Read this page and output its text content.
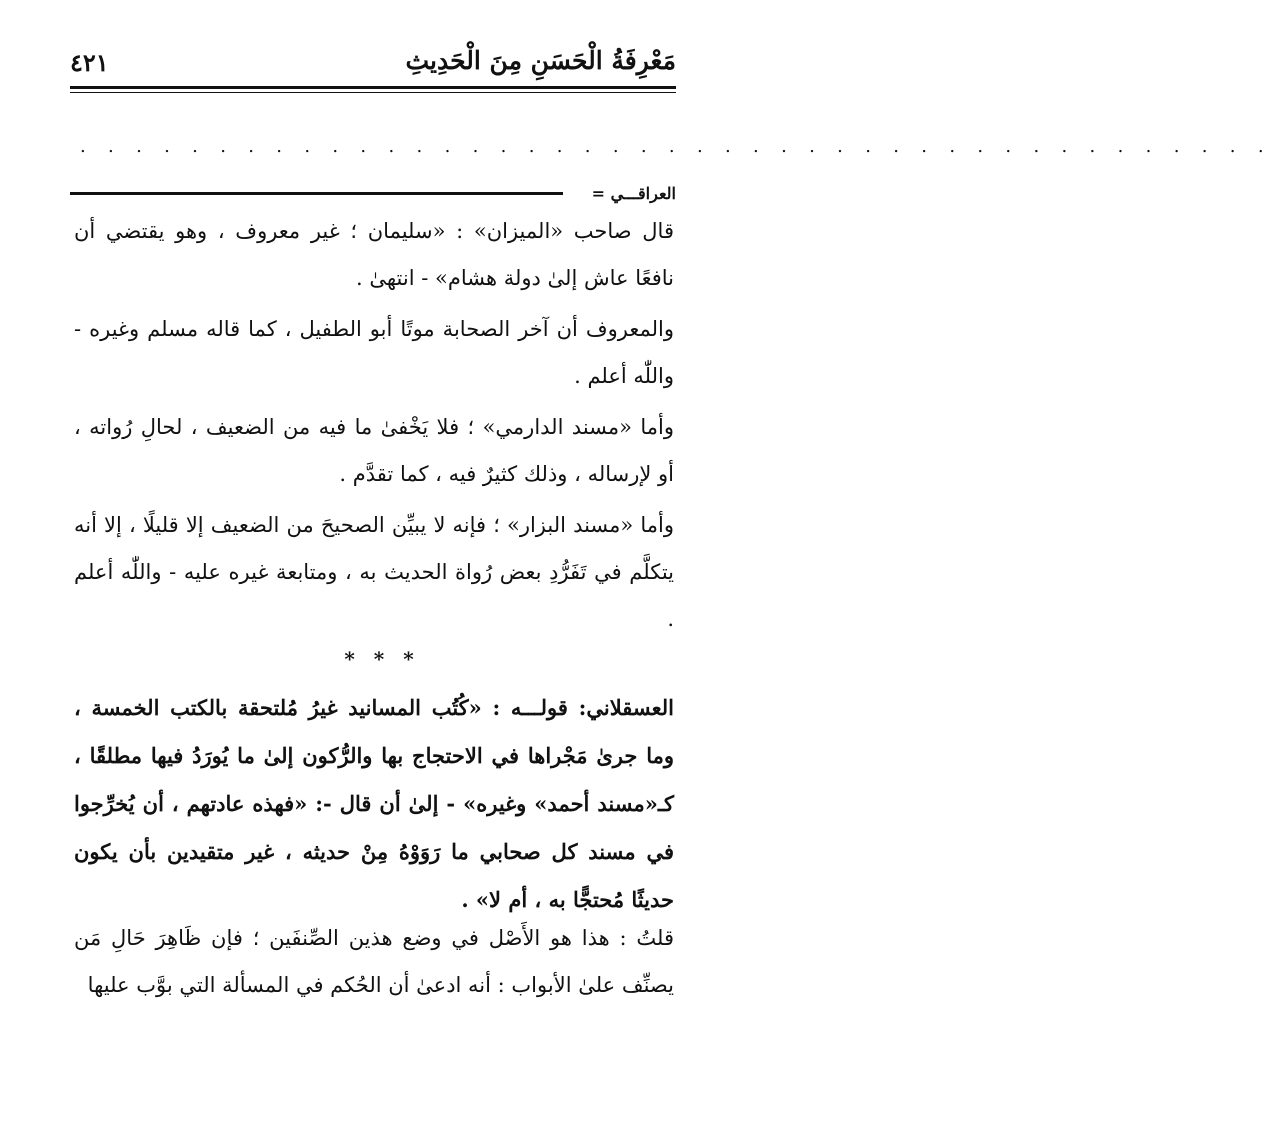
مَعْرِفَةُ الْحَسَنِ مِنَ الْحَدِيثِ
٤٢١
. . . . . . . . . . . . . . . . . . . . . . . . . . . . . . . . . . . . . . . . . . .
العراقـــي =

قال صاحب «الميزان» : «سليمان ؛ غير معروف ، وهو يقتضي أن نافعًا عاش إلىٰ دولة هشام» - انتهىٰ .

والمعروف أن آخر الصحابة موتًا أبو الطفيل ، كما قاله مسلم وغيره - واللّٰه أعلم .

وأما «مسند الدارمي» ؛ فلا يَخْفىٰ ما فيه من الضعيف ، لحالِ رُواته ، أو لإرساله ، وذلك كثيرٌ فيه ، كما تقدَّم .

وأما «مسند البزار» ؛ فإنه لا يبيِّن الصحيحَ من الضعيف إلا قليلًا ، إلا أنه يتكلَّم في تَفَرُّدِ بعض رُواة الحديث به ، ومتابعة غيره عليه - واللّٰه أعلم .

* * *
العسقلاني: قولـــه : «كُتُب المسانيد غيرُ مُلتحقة بالكتب الخمسة ، وما جرىٰ مَجْراها في الاحتجاج بها والرُّكون إلىٰ ما يُورَدُ فيها مطلقًا ، كـ«مسند أحمد» وغيره» - إلىٰ أن قال -: «فهذه عادتهم ، أن يُخرِّجوا في مسند كل صحابي ما رَوَوْهُ مِنْ حديثه ، غير متقيدين بأن يكون حديثًا مُحتجًّا به ، أم لا» .
قلتُ : هذا هو الأَصْل في وضع هذين الصِّنفَين ؛ فإن ظَاهِرَ حَالِ مَن يصنِّف علىٰ الأبواب : أنه ادعىٰ أن الحُكم في المسألة التي بوَّب عليها
